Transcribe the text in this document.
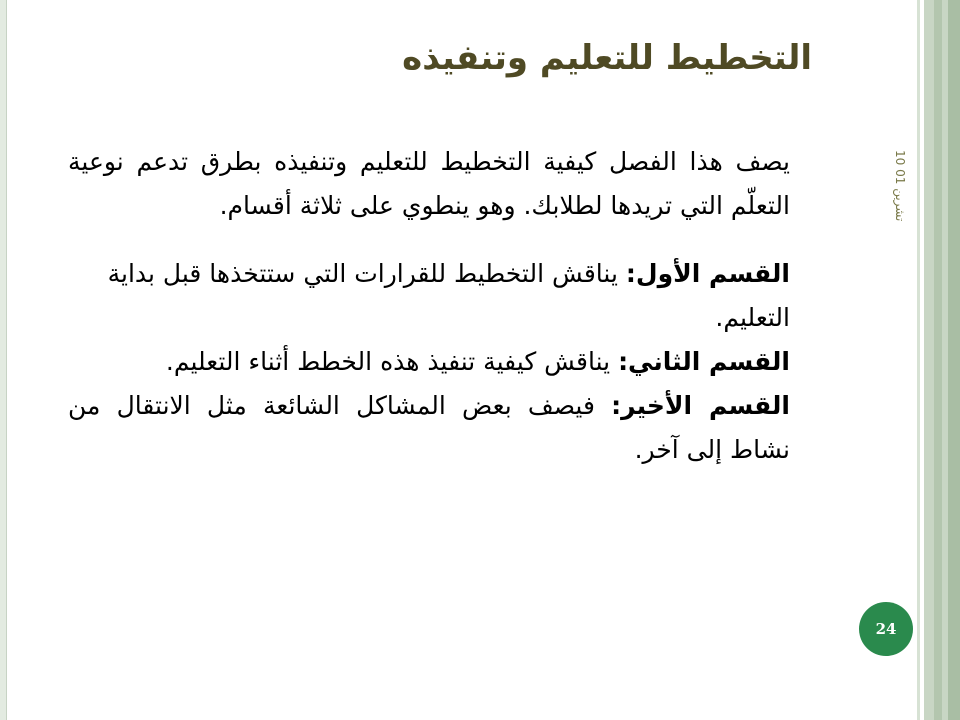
التخطيط للتعليم وتنفيذه

يصف هذا الفصل كيفية التخطيط للتعليم وتنفيذه بطرق تدعم نوعية التعلّم التي تريدها لطلابك. وهو ينطوي على ثلاثة أقسام.

القسم الأول: يناقش التخطيط للقرارات التي ستتخذها قبل بداية

التعليم.

القسم الثاني: يناقش كيفية تنفيذ هذه الخطط أثناء التعليم.

القسم الأخير: فيصف بعض المشاكل الشائعة مثل الانتقال من نشاط إلى آخر.

10 تشرين 01
24
